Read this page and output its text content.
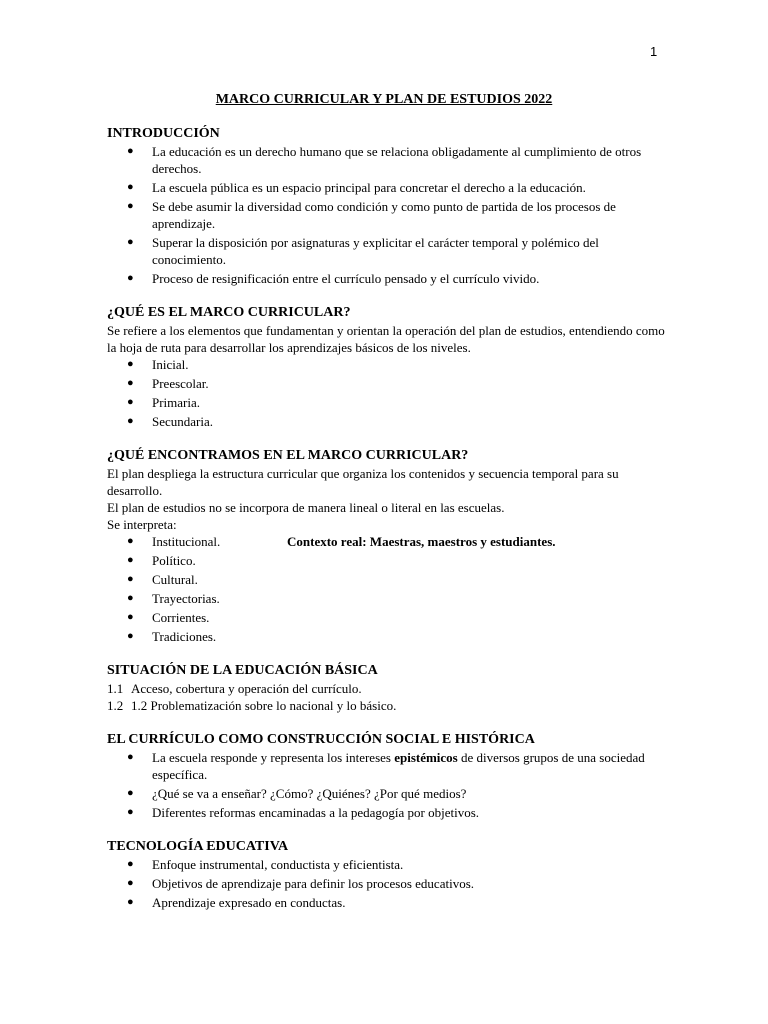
1
MARCO CURRICULAR Y PLAN DE ESTUDIOS 2022
INTRODUCCIÓN
● La educación es un derecho humano que se relaciona obligadamente al cumplimiento de otros derechos.
● La escuela pública es un espacio principal para concretar el derecho a la educación.
● Se debe asumir la diversidad como condición y como punto de partida de los procesos de aprendizaje.
● Superar la disposición por asignaturas y explicitar el carácter temporal y polémico del conocimiento.
● Proceso de resignificación entre el currículo pensado y el currículo vivido.
¿QUÉ ES EL MARCO CURRICULAR?

Se refiere a los elementos que fundamentan y orientan la operación del plan de estudios, entendiendo como la hoja de ruta para desarrollar los aprendizajes básicos de los niveles.

● Inicial.
● Preescolar.
● Primaria.
● Secundaria.
¿QUÉ ENCONTRAMOS EN EL MARCO CURRICULAR?

El plan despliega la estructura curricular que organiza los contenidos y secuencia temporal para su desarrollo.

El plan de estudios no se incorpora de manera lineal o literal en las escuelas.

Se interpreta:

● Institucional.	Contexto real: Maestras, maestros y estudiantes.
● Político.
● Cultural.
● Trayectorias.
● Corrientes.
● Tradiciones.
SITUACIÓN DE LA EDUCACIÓN BÁSICA
1.1 Acceso, cobertura y operación del currículo.
1.2 1.2 Problematización sobre lo nacional y lo básico.
EL CURRÍCULO COMO CONSTRUCCIÓN SOCIAL E HISTÓRICA
● La escuela responde y representa los intereses epistémicos de diversos grupos de una sociedad específica.
● ¿Qué se va a enseñar? ¿Cómo? ¿Quiénes? ¿Por qué medios?
● Diferentes reformas encaminadas a la pedagogía por objetivos.
TECNOLOGÍA EDUCATIVA
● Enfoque instrumental, conductista y eficientista.
● Objetivos de aprendizaje para definir los procesos educativos.
● Aprendizaje expresado en conductas.
